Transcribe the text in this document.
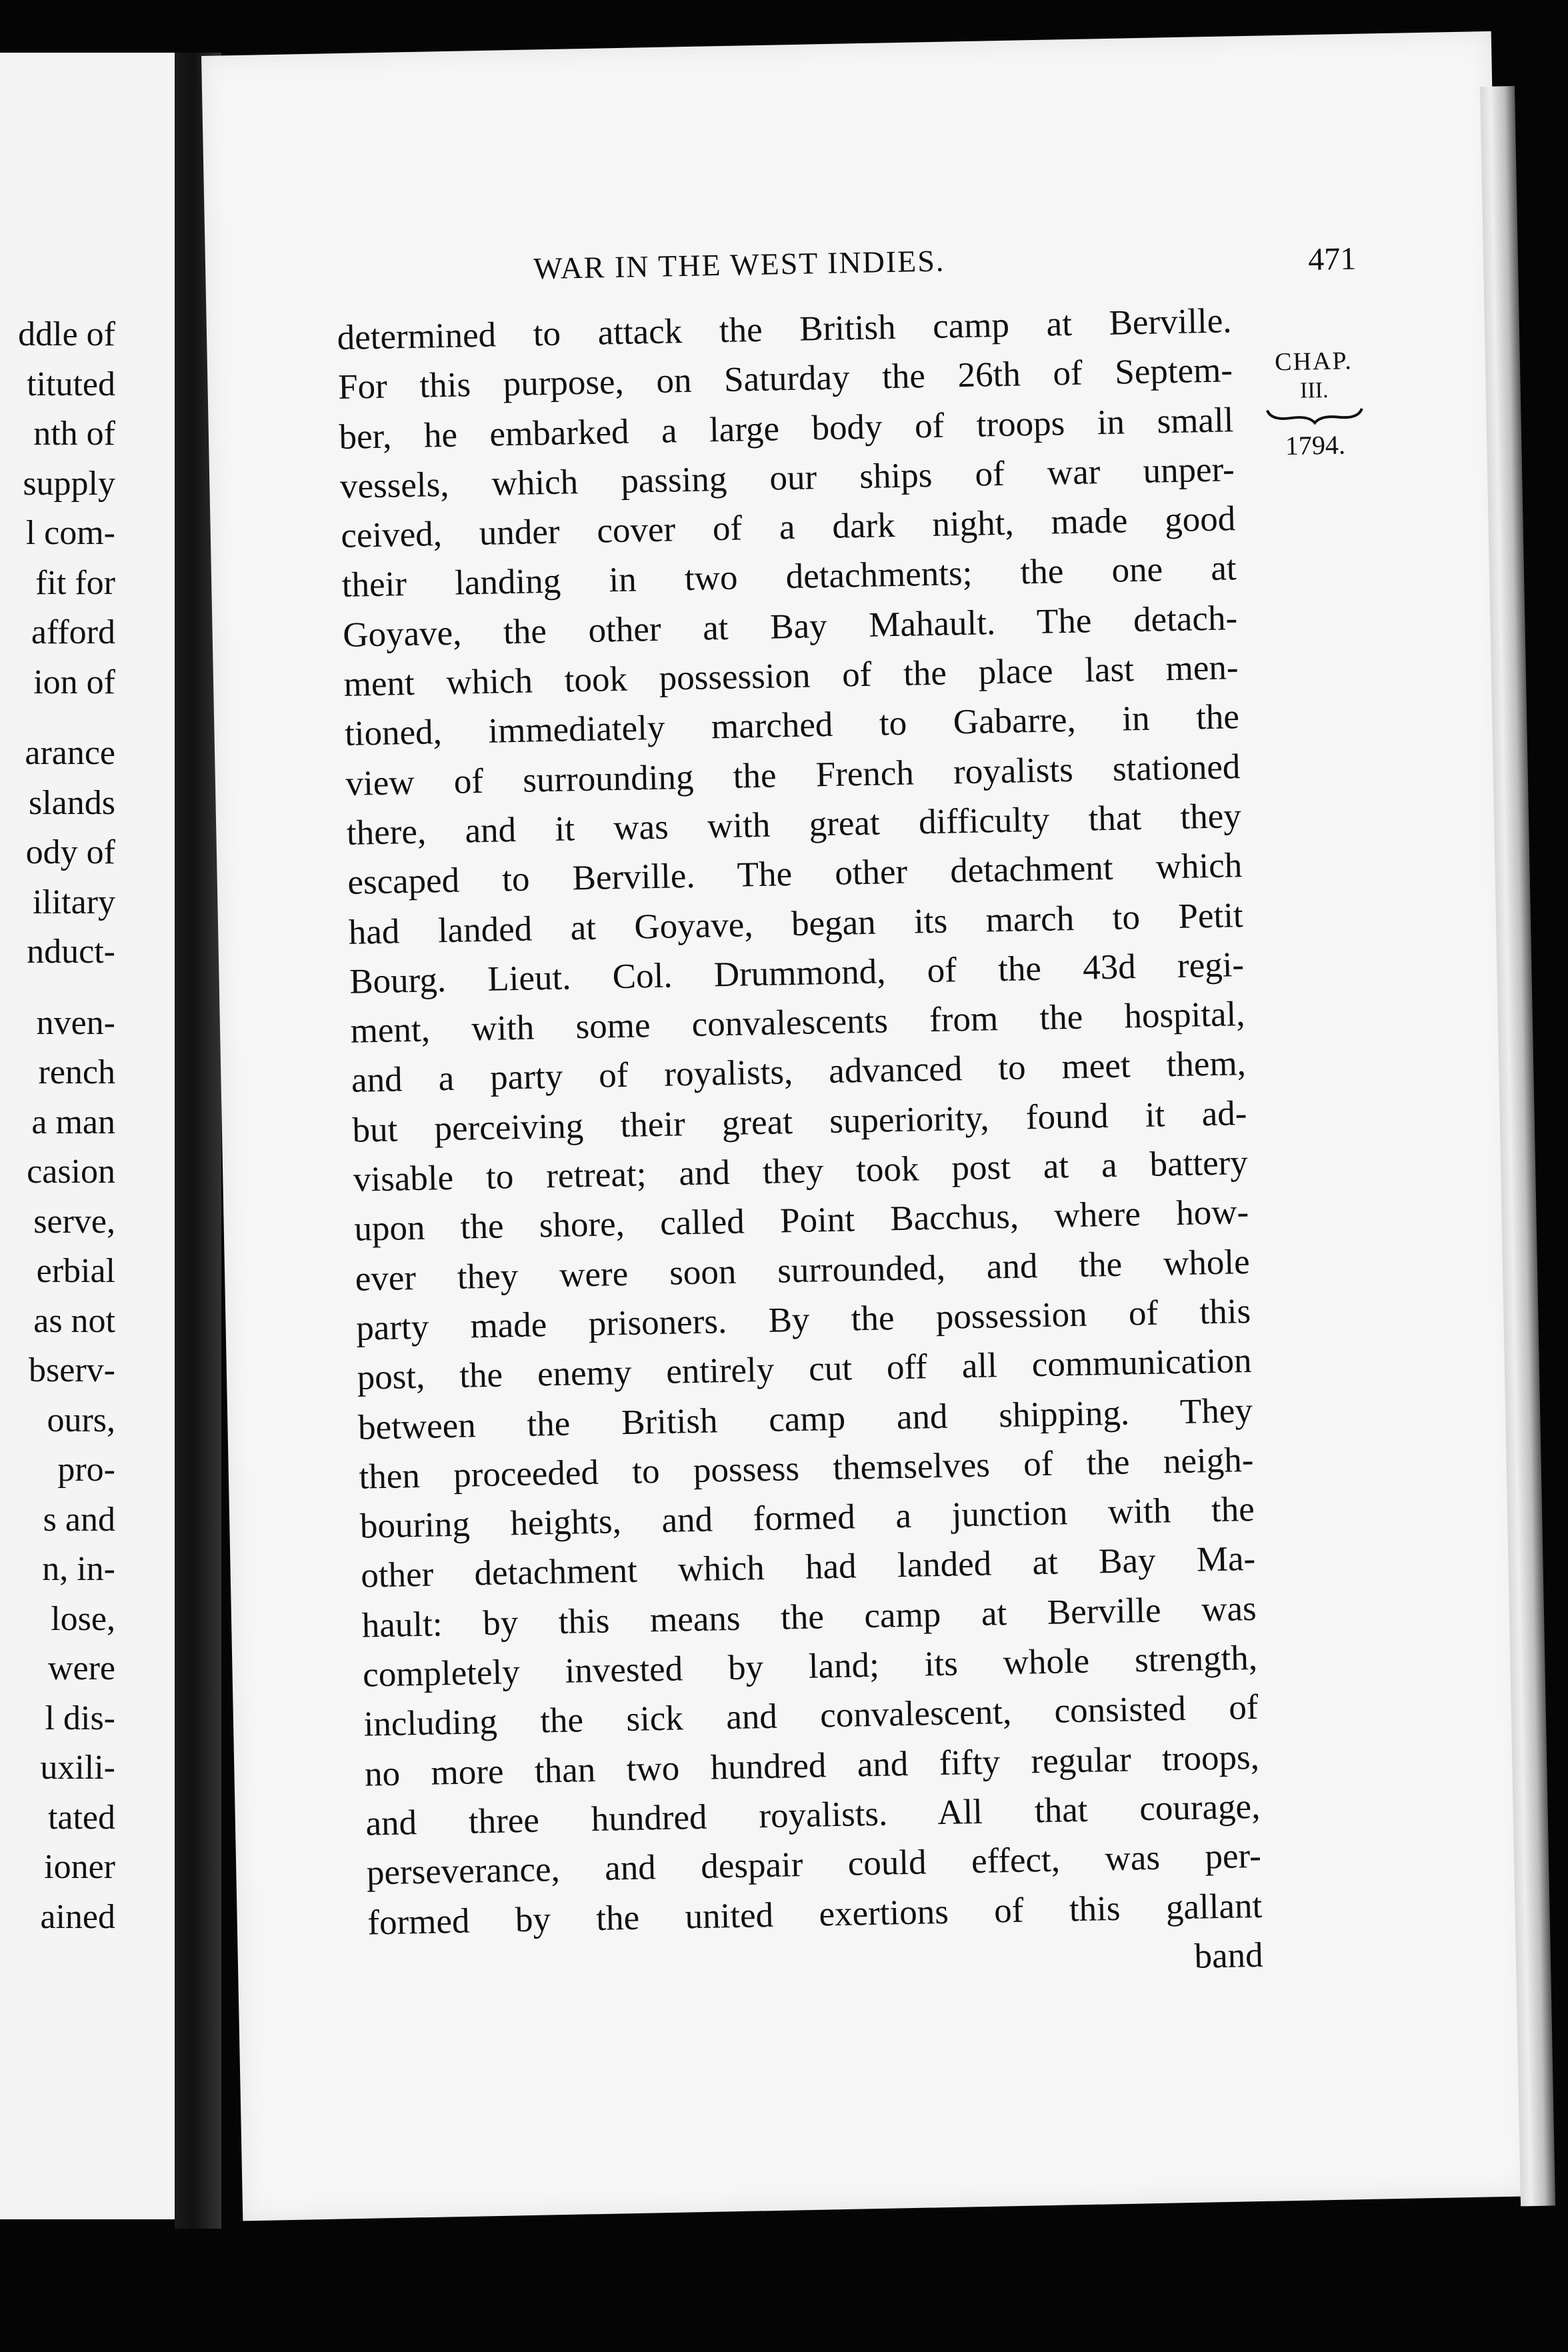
ddle of
tituted
nth of
supply
l com-
fit for
afford
ion of
arance
slands
ody of
ilitary
nduct-
nven-
rench
a man
casion
serve,
erbial
as not
bserv-
ours,
pro-
s and
n, in-
lose,
were
l dis-
uxili-
tated
ioner
ained
WAR IN THE WEST INDIES.	471
CHAP.
III.
1794.
determined to attack the British camp at Berville.
For this purpose, on Saturday the 26th of Septem-
ber, he embarked a large body of troops in small
vessels, which passing our ships of war unper-
ceived, under cover of a dark night, made good
their landing in two detachments; the one at
Goyave, the other at Bay Mahault. The detach-
ment which took possession of the place last men-
tioned, immediately marched to Gabarre, in the
view of surrounding the French royalists stationed
there, and it was with great difficulty that they
escaped to Berville. The other detachment which
had landed at Goyave, began its march to Petit
Bourg. Lieut. Col. Drummond, of the 43d regi-
ment, with some convalescents from the hospital,
and a party of royalists, advanced to meet them,
but perceiving their great superiority, found it ad-
visable to retreat; and they took post at a battery
upon the shore, called Point Bacchus, where how-
ever they were soon surrounded, and the whole
party made prisoners. By the possession of this
post, the enemy entirely cut off all communication
between the British camp and shipping. They
then proceeded to possess themselves of the neigh-
bouring heights, and formed a junction with the
other detachment which had landed at Bay Ma-
hault: by this means the camp at Berville was
completely invested by land; its whole strength,
including the sick and convalescent, consisted of
no more than two hundred and fifty regular troops,
and three hundred royalists. All that courage,
perseverance, and despair could effect, was per-
formed by the united exertions of this gallant
band
